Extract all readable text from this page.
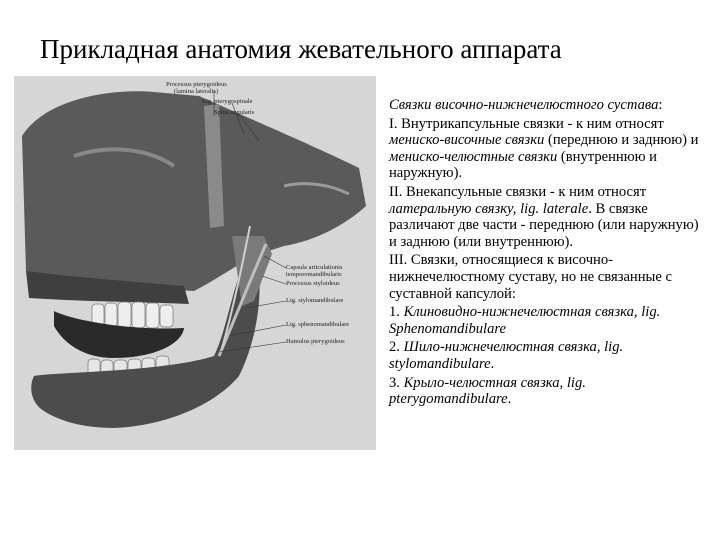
Прикладная анатомия жевательного аппарата
Processus pterygoideus
(lamina lateralis)
Lig. pterygospinale
Spina angularis
Capsula articulationis
temporomandibularis
Processus styloideus
Lig. stylomandibulare
Lig. sphenomandibulare
Hamulus pterygoideus

Связки височно-нижнечелюстного сустава:

I. Внутрикапсульные связки - к ним относят мениско-височные связки (переднюю и заднюю) и мениско-челюстные связки (внутреннюю и наружную).

II. Внекапсульные связки - к ним относят латеральную связку, lig. laterale. В связке различают две части - переднюю (или наружную) и заднюю (или внутреннюю).

III. Связки, относящиеся к височно-нижнечелюстному суставу, но не связанные с суставной капсулой:

1. Клиновидно-нижнечелюстная связка, lig. Sphenomandibulare

2. Шило-нижнечелюстная связка, lig. stylomandibulare.

3. Крыло-челюстная связка, lig. pterygomandibulare.
